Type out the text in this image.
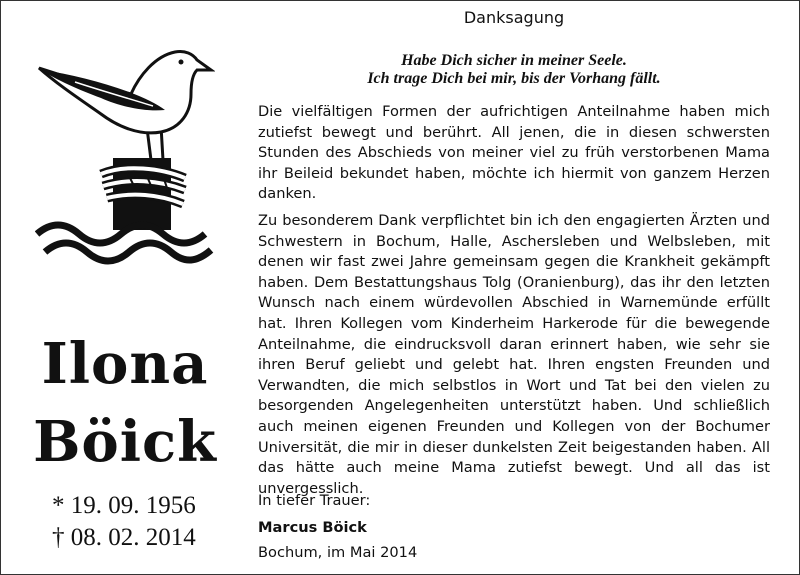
Ilona
Böick
* 19. 09. 1956
† 08. 02. 2014
Danksagung
Habe Dich sicher in meiner Seele.
Ich trage Dich bei mir, bis der Vorhang fällt.
Die vielfältigen Formen der aufrichtigen Anteilnahme haben mich zutiefst bewegt und berührt. All jenen, die in diesen schwersten Stunden des Abschieds von meiner viel zu früh verstorbenen Mama ihr Beileid bekundet haben, möchte ich hiermit von ganzem Herzen danken.
Zu besonderem Dank verpflichtet bin ich den engagierten Ärzten und Schwestern in Bochum, Halle, Aschersleben und Welbsleben, mit denen wir fast zwei Jahre gemeinsam gegen die Krankheit gekämpft haben. Dem Bestattungshaus Tolg (Oranienburg), das ihr den letzten Wunsch nach einem würdevollen Abschied in Warnemünde erfüllt hat. Ihren Kollegen vom Kinderheim Harkerode für die bewegende Anteilnahme, die eindrucksvoll daran erinnert haben, wie sehr sie ihren Beruf geliebt und gelebt hat. Ihren engsten Freunden und Verwandten, die mich selbstlos in Wort und Tat bei den vielen zu besorgenden Angelegenheiten unterstützt haben. Und schließlich auch meinen eigenen Freunden und Kollegen von der Bochumer Universität, die mir in dieser dunkelsten Zeit beigestanden haben. All das hätte auch meine Mama zutiefst bewegt. Und all das ist unvergesslich.
In tiefer Trauer:
Marcus Böick
Bochum, im Mai 2014
